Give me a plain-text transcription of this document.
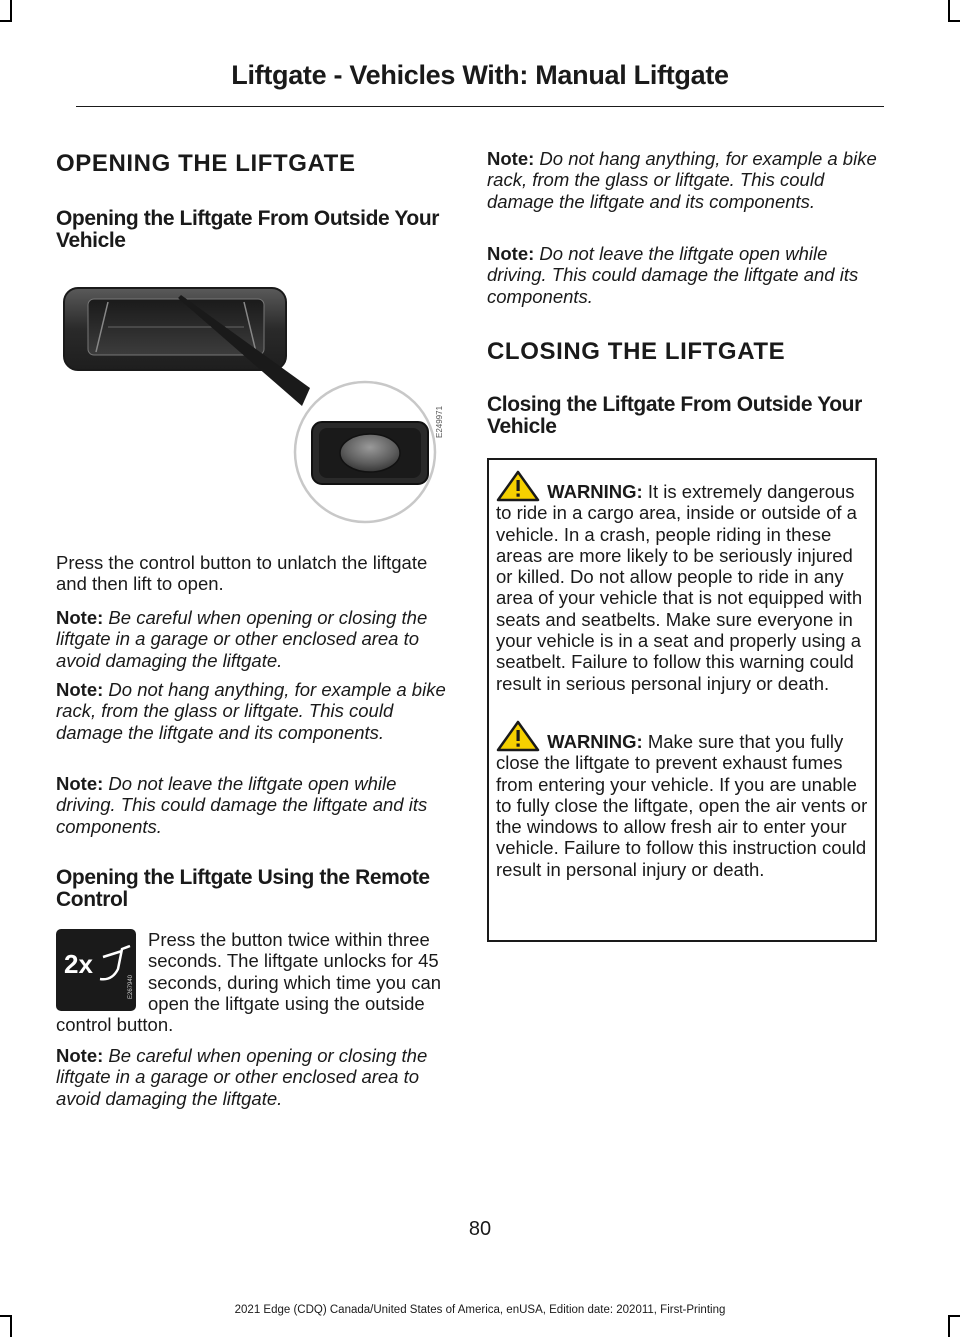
Liftgate - Vehicles With: Manual Liftgate
OPENING THE LIFTGATE
Opening the Liftgate From Outside Your Vehicle
E249971
Press the control button to unlatch the liftgate and then lift to open.
Note: Be careful when opening or closing the liftgate in a garage or other enclosed area to avoid damaging the liftgate.
Note: Do not hang anything, for example a bike rack, from the glass or liftgate. This could damage the liftgate and its components.
Note: Do not leave the liftgate open while driving. This could damage the liftgate and its components.
Opening the Liftgate Using the Remote Control
2x
E267940
Press the button twice within three seconds. The liftgate unlocks for 45 seconds, during which time you can open the liftgate using the outside control button.
Note: Be careful when opening or closing the liftgate in a garage or other enclosed area to avoid damaging the liftgate.
Note: Do not hang anything, for example a bike rack, from the glass or liftgate. This could damage the liftgate and its components.
Note: Do not leave the liftgate open while driving. This could damage the liftgate and its components.
CLOSING THE LIFTGATE
Closing the Liftgate From Outside Your Vehicle
WARNING: It is extremely dangerous to ride in a cargo area, inside or outside of a vehicle. In a crash, people riding in these areas are more likely to be seriously injured or killed. Do not allow people to ride in any area of your vehicle that is not equipped with seats and seatbelts. Make sure everyone in your vehicle is in a seat and properly using a seatbelt. Failure to follow this warning could result in serious personal injury or death.
WARNING: Make sure that you fully close the liftgate to prevent exhaust fumes from entering your vehicle. If you are unable to fully close the liftgate, open the air vents or the windows to allow fresh air to enter your vehicle. Failure to follow this instruction could result in personal injury or death.
80
2021 Edge (CDQ) Canada/United States of America, enUSA, Edition date: 202011, First-Printing
